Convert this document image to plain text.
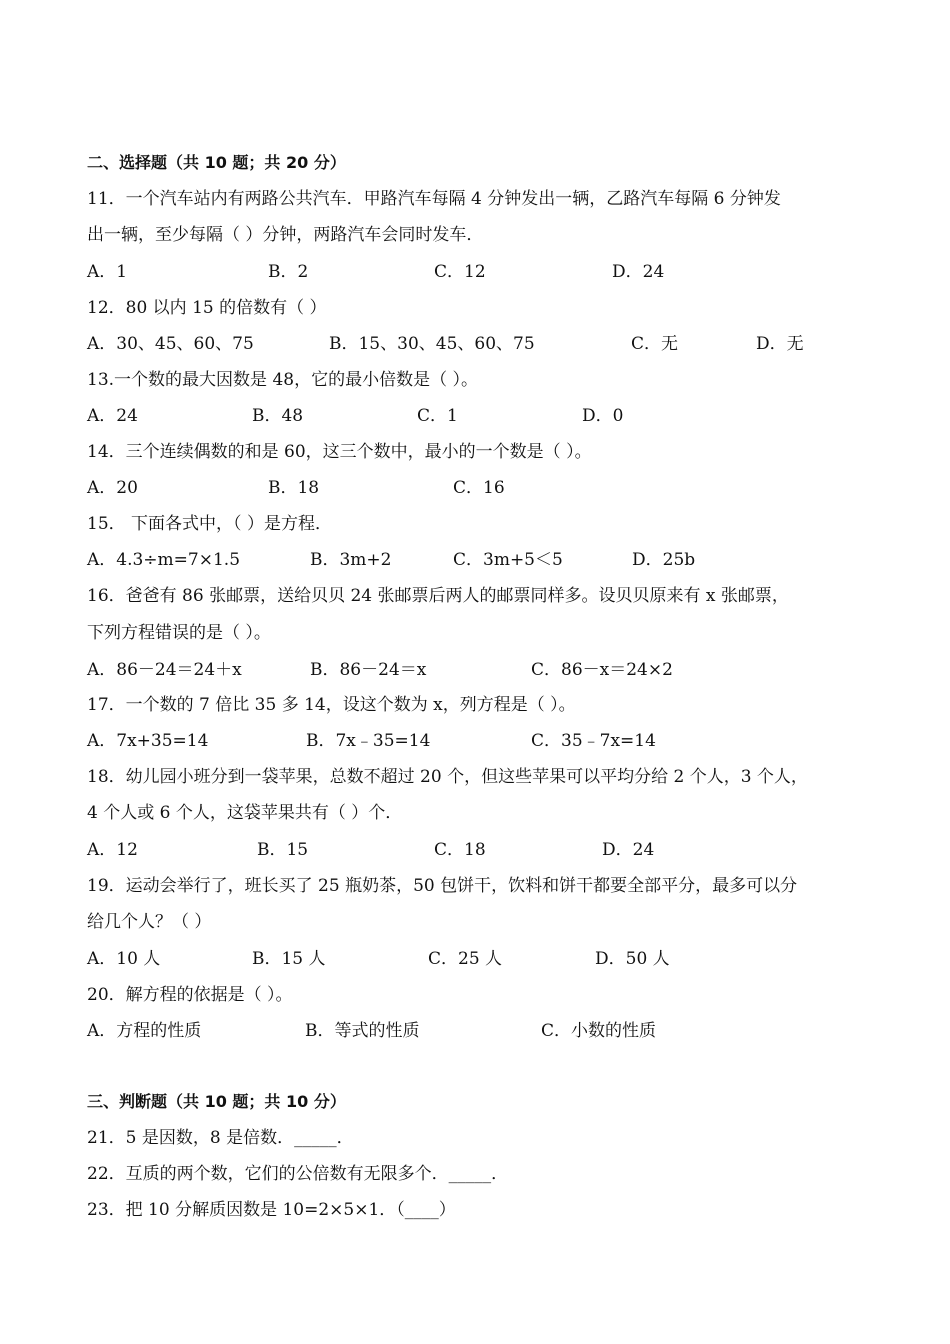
二、选择题（共 10 题；共 20 分）
11．一个汽车站内有两路公共汽车．甲路汽车每隔 4 分钟发出一辆，乙路汽车每隔 6 分钟发
出一辆，至少每隔（ ）分钟，两路汽车会同时发车．
A．1	B．2	C．12	D．24
12．80 以内 15 的倍数有（ ）
A．30、45、60、75	B．15、30、45、60、75	C．无	D．无
13.一个数的最大因数是 48，它的最小倍数是（ ）。
A．24	B．48	C．1	D．0
14．三个连续偶数的和是 60，这三个数中，最小的一个数是（ ）。
A．20	B．18	C．16
15． 下面各式中，（ ）是方程．
A．4.3÷m=7×1.5	B．3m+2	C．3m+5＜5	D．25b
16．爸爸有 86 张邮票，送给贝贝 24 张邮票后两人的邮票同样多。设贝贝原来有 x 张邮票，
下列方程错误的是（ ）。
A．86－24＝24＋x	B．86－24＝x	C．86－x＝24×2
17．一个数的 7 倍比 35 多 14，设这个数为 x，列方程是（ ）。
A．7x+35=14	B．7x﹣35=14	C．35﹣7x=14
18．幼儿园小班分到一袋苹果，总数不超过 20 个，但这些苹果可以平均分给 2 个人，3 个人，
4 个人或 6 个人，这袋苹果共有（ ）个．
A．12	B．15	C．18	D．24
19．运动会举行了，班长买了 25 瓶奶茶，50 包饼干，饮料和饼干都要全部平分，最多可以分
给几个人？（ ）
A．10 人	B．15 人	C．25 人	D．50 人
20．解方程的依据是（ ）。
A．方程的性质	B．等式的性质	C．小数的性质
三、判断题（共 10 题；共 10 分）
21．5 是因数，8 是倍数．_____．
22．互质的两个数，它们的公倍数有无限多个．_____．
23．把 10 分解质因数是 10=2×5×1．（____）
